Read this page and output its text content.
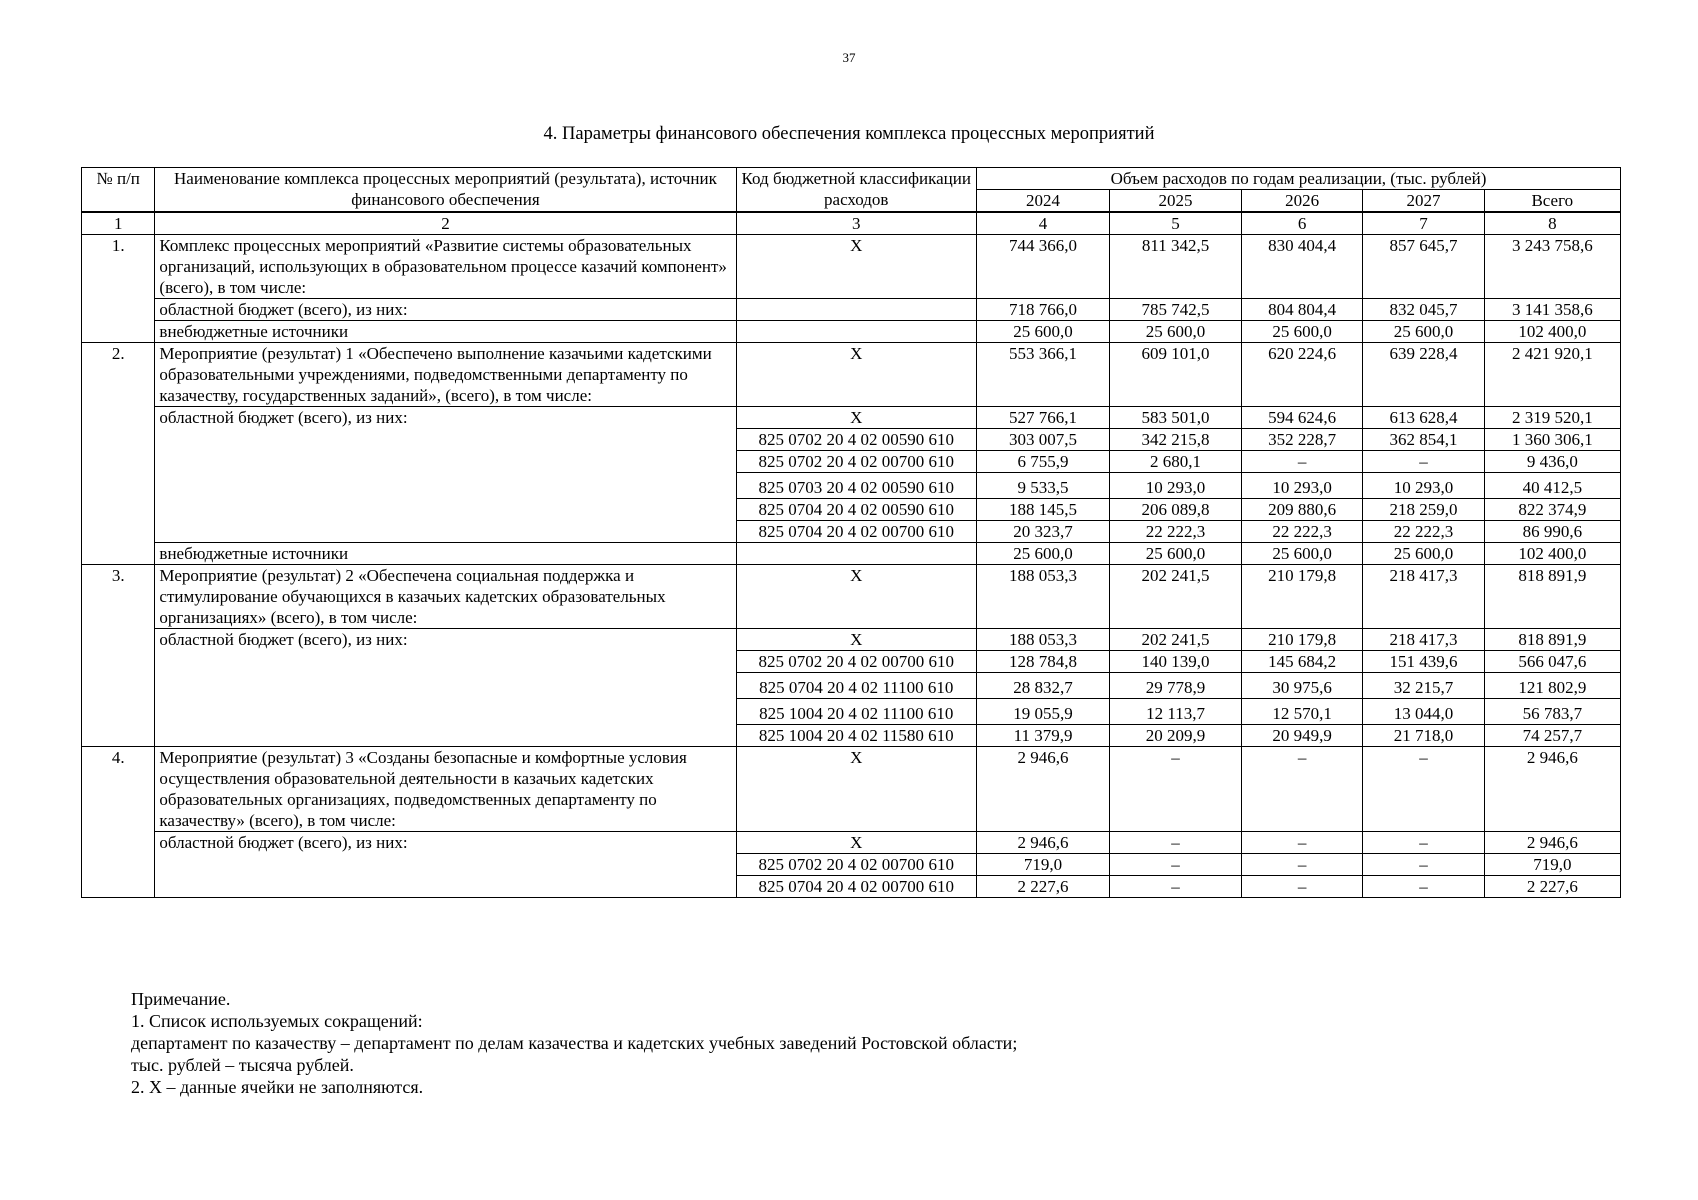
37
4. Параметры финансового обеспечения комплекса процессных мероприятий
№ п/п	Наименование комплекса процессных мероприятий (результата), источник финансового обеспечения	Код бюджетной классификации расходов	Объем расходов по годам реализации, (тыс. рублей)				
			2024	2025	2026	2027	Всего
1	2	3	4	5	6	7	8
1.	Комплекс процессных мероприятий «Развитие системы образовательных организаций, использующих в образовательном процессе казачий компонент» (всего), в том числе:	X	744 366,0	811 342,5	830 404,4	857 645,7	3 243 758,6
	областной бюджет (всего), из них:		718 766,0	785 742,5	804 804,4	832 045,7	3 141 358,6
	внебюджетные источники		25 600,0	25 600,0	25 600,0	25 600,0	102 400,0
2.	Мероприятие (результат) 1 «Обеспечено выполнение казачьими кадетскими образовательными учреждениями, подведомственными департаменту по казачеству, государственных заданий», (всего), в том числе:	X	553 366,1	609 101,0	620 224,6	639 228,4	2 421 920,1
	областной бюджет (всего), из них:	X	527 766,1	583 501,0	594 624,6	613 628,4	2 319 520,1
		825 0702 20 4 02 00590 610	303 007,5	342 215,8	352 228,7	362 854,1	1 360 306,1
		825 0702 20 4 02 00700 610	6 755,9	2 680,1	–	–	9 436,0
		825 0703 20 4 02 00590 610	9 533,5	10 293,0	10 293,0	10 293,0	40 412,5
		825 0704 20 4 02 00590 610	188 145,5	206 089,8	209 880,6	218 259,0	822 374,9
		825 0704 20 4 02 00700 610	20 323,7	22 222,3	22 222,3	22 222,3	86 990,6
	внебюджетные источники		25 600,0	25 600,0	25 600,0	25 600,0	102 400,0
3.	Мероприятие (результат) 2 «Обеспечена социальная поддержка и стимулирование обучающихся в казачьих кадетских образовательных организациях» (всего), в том числе:	X	188 053,3	202 241,5	210 179,8	218 417,3	818 891,9
	областной бюджет (всего), из них:	X	188 053,3	202 241,5	210 179,8	218 417,3	818 891,9
		825 0702 20 4 02 00700 610	128 784,8	140 139,0	145 684,2	151 439,6	566 047,6
		825 0704 20 4 02 11100 610	28 832,7	29 778,9	30 975,6	32 215,7	121 802,9
		825 1004 20 4 02 11100 610	19 055,9	12 113,7	12 570,1	13 044,0	56 783,7
		825 1004 20 4 02 11580 610	11 379,9	20 209,9	20 949,9	21 718,0	74 257,7
4.	Мероприятие (результат) 3 «Созданы безопасные и комфортные условия осуществления образовательной деятельности в казачьих кадетских образовательных организациях, подведомственных департаменту по казачеству» (всего), в том числе:	X	2 946,6	–	–	–	2 946,6
	областной бюджет (всего), из них:	X	2 946,6	–	–	–	2 946,6
		825 0702 20 4 02 00700 610	719,0	–	–	–	719,0
		825 0704 20 4 02 00700 610	2 227,6	–	–	–	2 227,6
Примечание.
1. Список используемых сокращений:
департамент по казачеству – департамент по делам казачества и кадетских учебных заведений Ростовской области;
тыс. рублей – тысяча рублей.
2. X – данные ячейки не заполняются.
